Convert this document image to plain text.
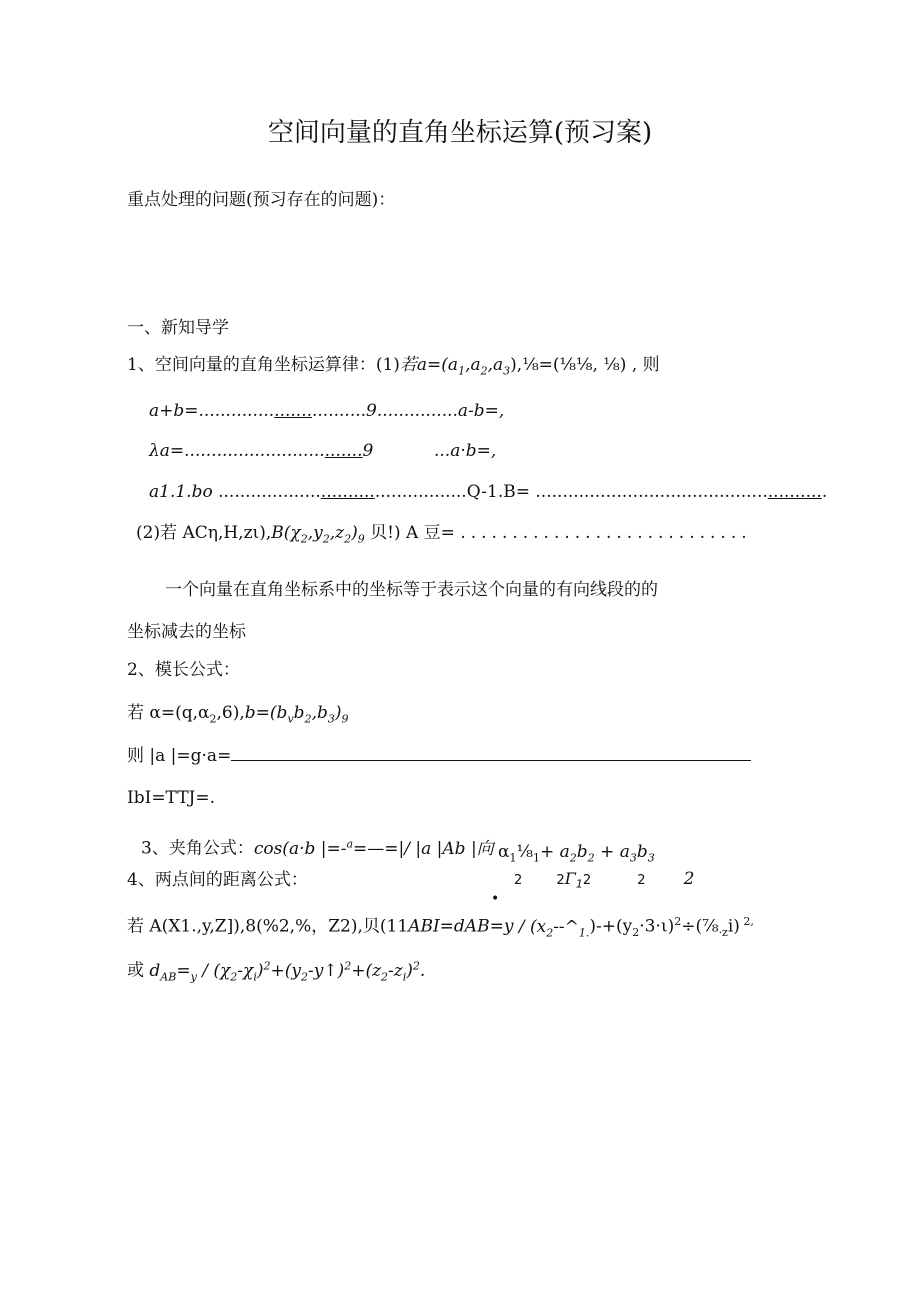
空间向量的直角坐标运算(预习案)
重点处理的问题(预习存在的问题)：
一、新知导学
1、空间向量的直角坐标运算律：(1)若$a=(a_1,a_2,a_3),\frac{1}{8}=(\frac{1}{8}\frac{1}{8}$, ⅛) , 则
a+b=...............................9...............a-b=,
λa=.................................9	...a·b=,
a1.1.bo ..............................................Q-1.B= ......................................................
(2)若 $AC\eta,H,z\iota),B(\chi_2,y_2,z_2)_9$ 贝!) A 豆= ............................
一个向量在直角坐标系中的坐标等于表示这个向量的有向线段的的
坐标减去的坐标
2、模长公式：
若 $\alpha=(q,\alpha_2,6),b=(b_vb_2,b_3)_9$
则 |a |=g·a=
IbI=TTJ=.
3、夹角公式：cos(a·b |=-$^a$=—=|/ |a |Ab |向 $\alpha_1\frac{1}{8}_1+ a_2b_2 + a_3b_3$
4、两点间的距离公式：	2	$2\Gamma_12$	2 2
•
若 A(X1.,y,Z]),8(%2,%，Z2),贝($11ABI=dAB=y / (x_2--\^{}_{1.})-+(y_2\cdot 3\cdot\iota)^2\div(\frac{7}{8}_{\cdot z}i)$ $^{2,}$
或 $d_{AB}=_y$ / $(\chi_2-\chi_i)^2+(y_2-y↑)^2+(z_2-z_i)^2$.
